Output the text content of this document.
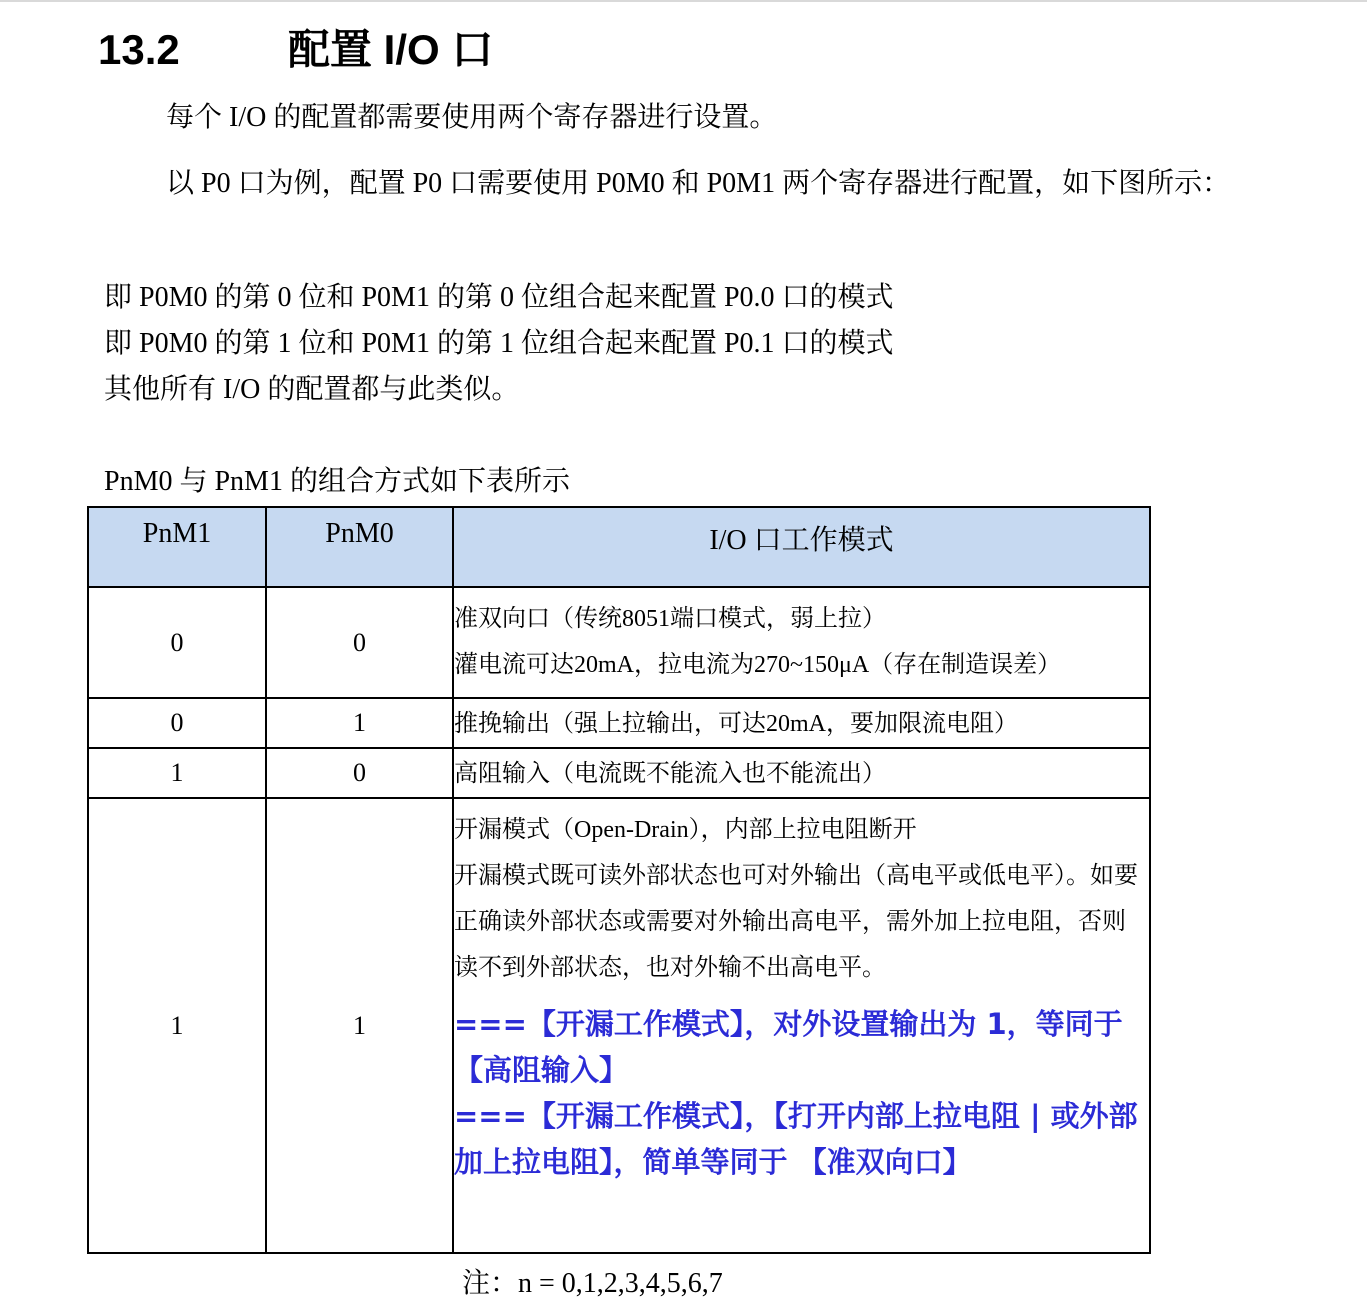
13.2	配置 I/O 口
每个 I/O 的配置都需要使用两个寄存器进行设置。
以 P0 口为例，配置 P0 口需要使用 P0M0 和 P0M1 两个寄存器进行配置，如下图所示：
即 P0M0 的第 0 位和 P0M1 的第 0 位组合起来配置 P0.0 口的模式
即 P0M0 的第 1 位和 P0M1 的第 1 位组合起来配置 P0.1 口的模式
其他所有 I/O 的配置都与此类似。
PnM0 与 PnM1 的组合方式如下表所示
PnM1	PnM0	I/O 口工作模式
0	0	准双向口（传统8051端口模式，弱上拉）
灌电流可达20mA，拉电流为270~150μA（存在制造误差）

0	1	推挽输出（强上拉输出，可达20mA，要加限流电阻）

1	0	高阻输入（电流既不能流入也不能流出）

1	1	开漏模式（Open-Drain），内部上拉电阻断开
开漏模式既可读外部状态也可对外输出（高电平或低电平）。如要正确读外部状态或需要对外输出高电平，需外加上拉电阻，否则读不到外部状态，也对外输不出高电平。
===【开漏工作模式】，对外设置输出为 1，等同于 【高阻输入】
===【开漏工作模式】，【打开内部上拉电阻 | 或外部加上拉电阻】，简单等同于 【准双向口】
注：n = 0,1,2,3,4,5,6,7
